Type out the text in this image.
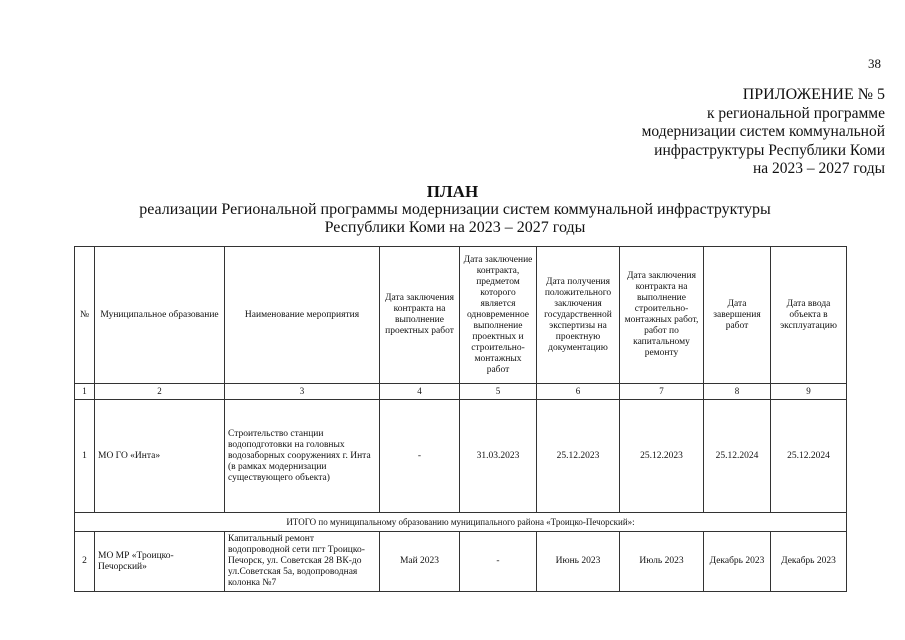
38
ПРИЛОЖЕНИЕ № 5
к региональной программе
модернизации систем коммунальной
инфраструктуры Республики Коми
на 2023 – 2027 годы
ПЛАН
реализации Региональной программы модернизации систем коммунальной инфраструктуры
Республики Коми на 2023 – 2027 годы
№	Муниципальное образование	Наименование мероприятия	Дата заключения контракта на выполнение проектных работ	Дата заключение контракта, предметом которого является одновременное выполнение проектных и строительно-монтажных работ	Дата получения положительного заключения государственной экспертизы на проектную документацию	Дата заключения контракта на выполнение строительно-монтажных работ, работ по капитальному ремонту	Дата завершения работ	Дата ввода объекта в эксплуатацию
1	2	3	4	5	6	7	8	9
1	МО ГО «Инта»	Строительство станции водоподготовки на головных водозаборных сооружениях г. Инта (в рамках модернизации существующего объекта)	-	31.03.2023	25.12.2023	25.12.2023	25.12.2024	25.12.2024
ИТОГО по муниципальному образованию муниципального района «Троицко-Печорский»:								
2	МО МР «Троицко-Печорский»	Капитальный ремонт водопроводной сети пгт Троицко-Печорск, ул. Советская 28 ВК-до ул.Советская 5а, водопроводная колонка №7	Май 2023	-	Июнь 2023	Июль 2023	Декабрь 2023	Декабрь 2023
